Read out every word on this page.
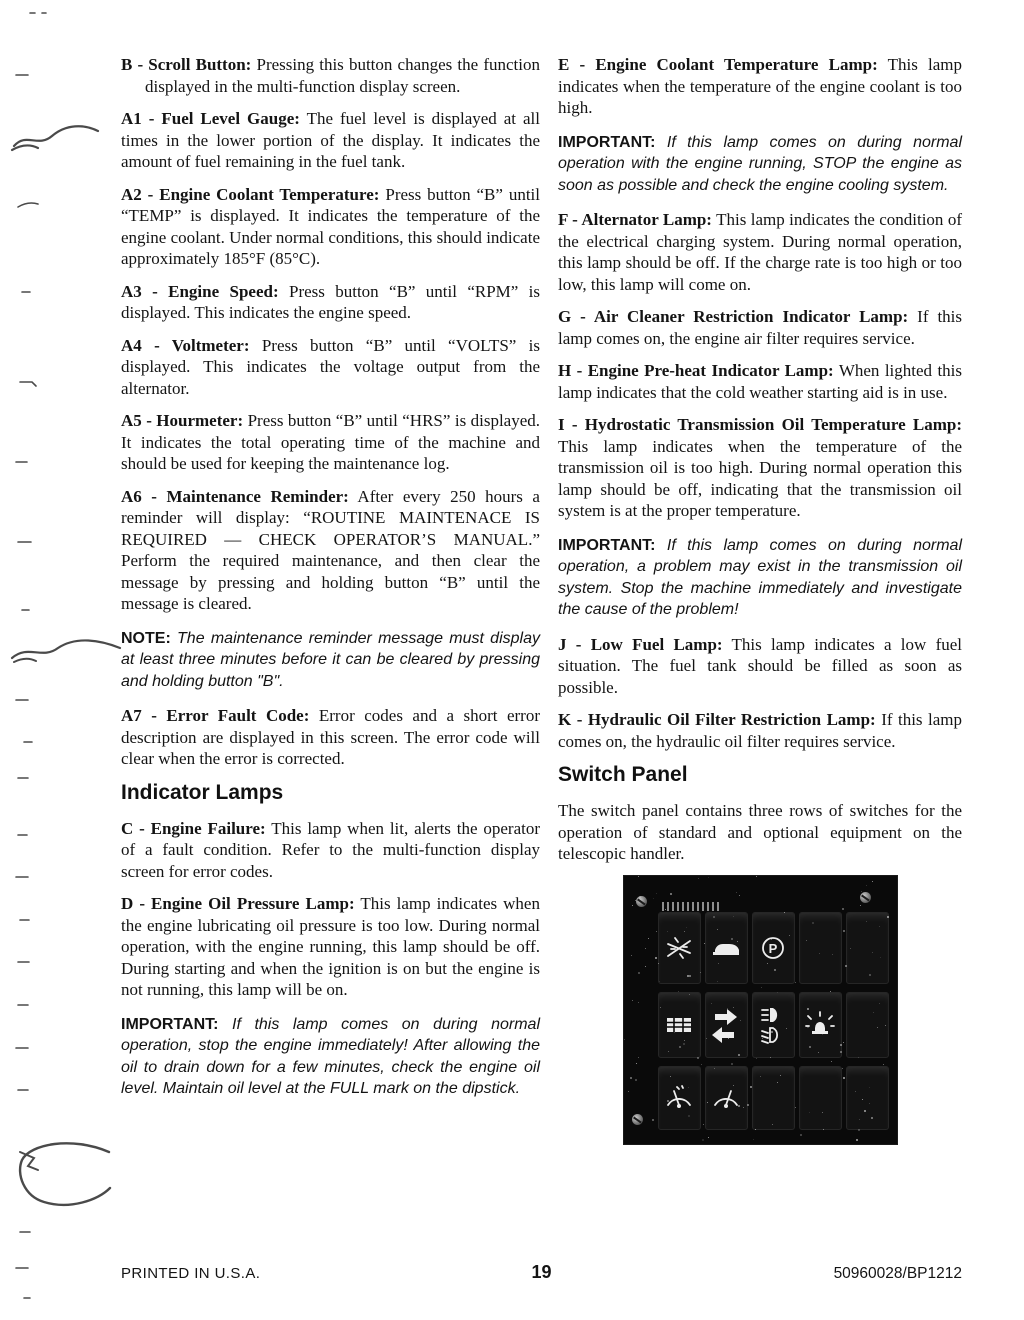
B - Scroll Button: Pressing this button changes the function displayed in the multi-function display screen.

A1 - Fuel Level Gauge: The fuel level is displayed at all times in the lower portion of the display. It indicates the amount of fuel remaining in the fuel tank.

A2 - Engine Coolant Temperature: Press button “B” until “TEMP” is displayed. It indicates the temperature of the engine coolant. Under normal conditions, this should indicate approximately 185°F (85°C).

A3 - Engine Speed: Press button “B” until “RPM” is displayed. This indicates the engine speed.

A4 - Voltmeter: Press button “B” until “VOLTS” is displayed. This indicates the voltage output from the alternator.

A5 - Hourmeter: Press button “B” until “HRS” is displayed. It indicates the total operating time of the machine and should be used for keeping the maintenance log.

A6 - Maintenance Reminder: After every 250 hours a reminder will display: “ROUTINE MAINTENACE IS REQUIRED — CHECK OPERATOR’S MANUAL.” Perform the required maintenance, and then clear the message by pressing and holding button “B” until the message is cleared.

NOTE: The maintenance reminder message must display at least three minutes before it can be cleared by pressing and holding button "B".

A7 - Error Fault Code: Error codes and a short error description are displayed in this screen. The error code will clear when the error is corrected.

Indicator Lamps

C - Engine Failure: This lamp when lit, alerts the operator of a fault condition. Refer to the multi-function display screen for error codes.

D - Engine Oil Pressure Lamp: This lamp indicates when the engine lubricating oil pressure is too low. During normal operation, with the engine running, this lamp should be off. During starting and when the ignition is on but the engine is not running, this lamp will be on.

IMPORTANT: If this lamp comes on during normal operation, stop the engine immediately! After allowing the oil to drain down for a few minutes, check the engine oil level. Maintain oil level at the FULL mark on the dipstick.

E - Engine Coolant Temperature Lamp: This lamp indicates when the temperature of the engine coolant is too high.

IMPORTANT: If this lamp comes on during normal operation with the engine running, STOP the engine as soon as possible and check the engine cooling system.

F - Alternator Lamp: This lamp indicates the condition of the electrical charging system. During normal operation, this lamp should be off. If the charge rate is too high or too low, this lamp will come on.

G - Air Cleaner Restriction Indicator Lamp: If this lamp comes on, the engine air filter requires service.

H - Engine Pre-heat Indicator Lamp: When lighted this lamp indicates that the cold weather starting aid is in use.

I - Hydrostatic Transmission Oil Temperature Lamp: This lamp indicates when the temperature of the transmission oil is too high. During normal operation this lamp should be off, indicating that the transmission oil system is at the proper temperature.

IMPORTANT: If this lamp comes on during normal operation, a problem may exist in the transmission oil system. Stop the machine immediately and investigate the cause of the problem!

J - Low Fuel Lamp: This lamp indicates a low fuel situation. The fuel tank should be filled as soon as possible.

K - Hydraulic Oil Filter Restriction Lamp: If this lamp comes on, the hydraulic oil filter requires service.

Switch Panel

The switch panel contains three rows of switches for the operation of standard and optional equipment on the telescopic handler.

P
PRINTED IN U.S.A.	19	50960028/BP1212
